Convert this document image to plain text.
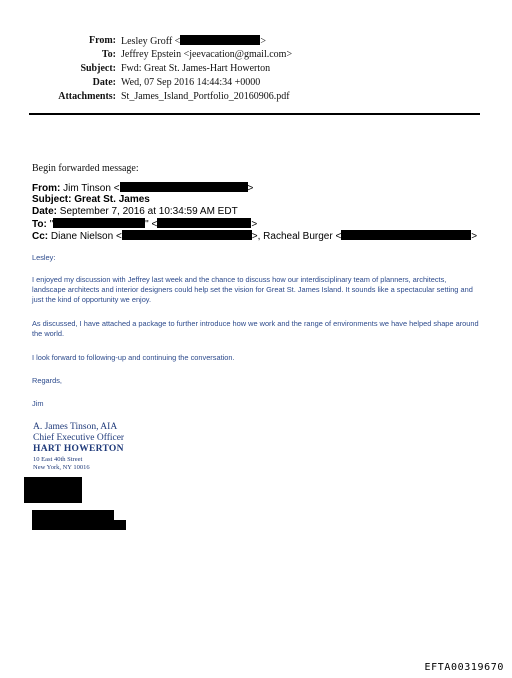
From: Lesley Groff <	>
To: Jeffrey Epstein <jeevacation@gmail.com>
Subject: Fwd: Great St. James-Hart Howerton
Date: Wed, 07 Sep 2016 14:44:34 +0000
Attachments: St_James_Island_Portfolio_20160906.pdf
Begin forwarded message:
From: Jim Tinson <	>
Subject: Great St. James
Date: September 7, 2016 at 10:34:59 AM EDT
To: "	" <	>
Cc: Diane Nielson <	>, Racheal Burger <	>
Lesley:
I enjoyed my discussion with Jeffrey last week and the chance to discuss how our interdisciplinary team of planners, architects, landscape architects and interior designers could help set the vision for Great St. James Island. It sounds like a spectacular setting and just the kind of opportunity we enjoy.
As discussed, I have attached a package to further introduce how we work and the range of environments we have helped shape around the world.
I look forward to following-up and continuing the conversation.
Regards,
Jim
A. James Tinson, AIA
Chief Executive Officer
HART HOWERTON
10 East 40th Street
New York, NY 10016
EFTA00319670
